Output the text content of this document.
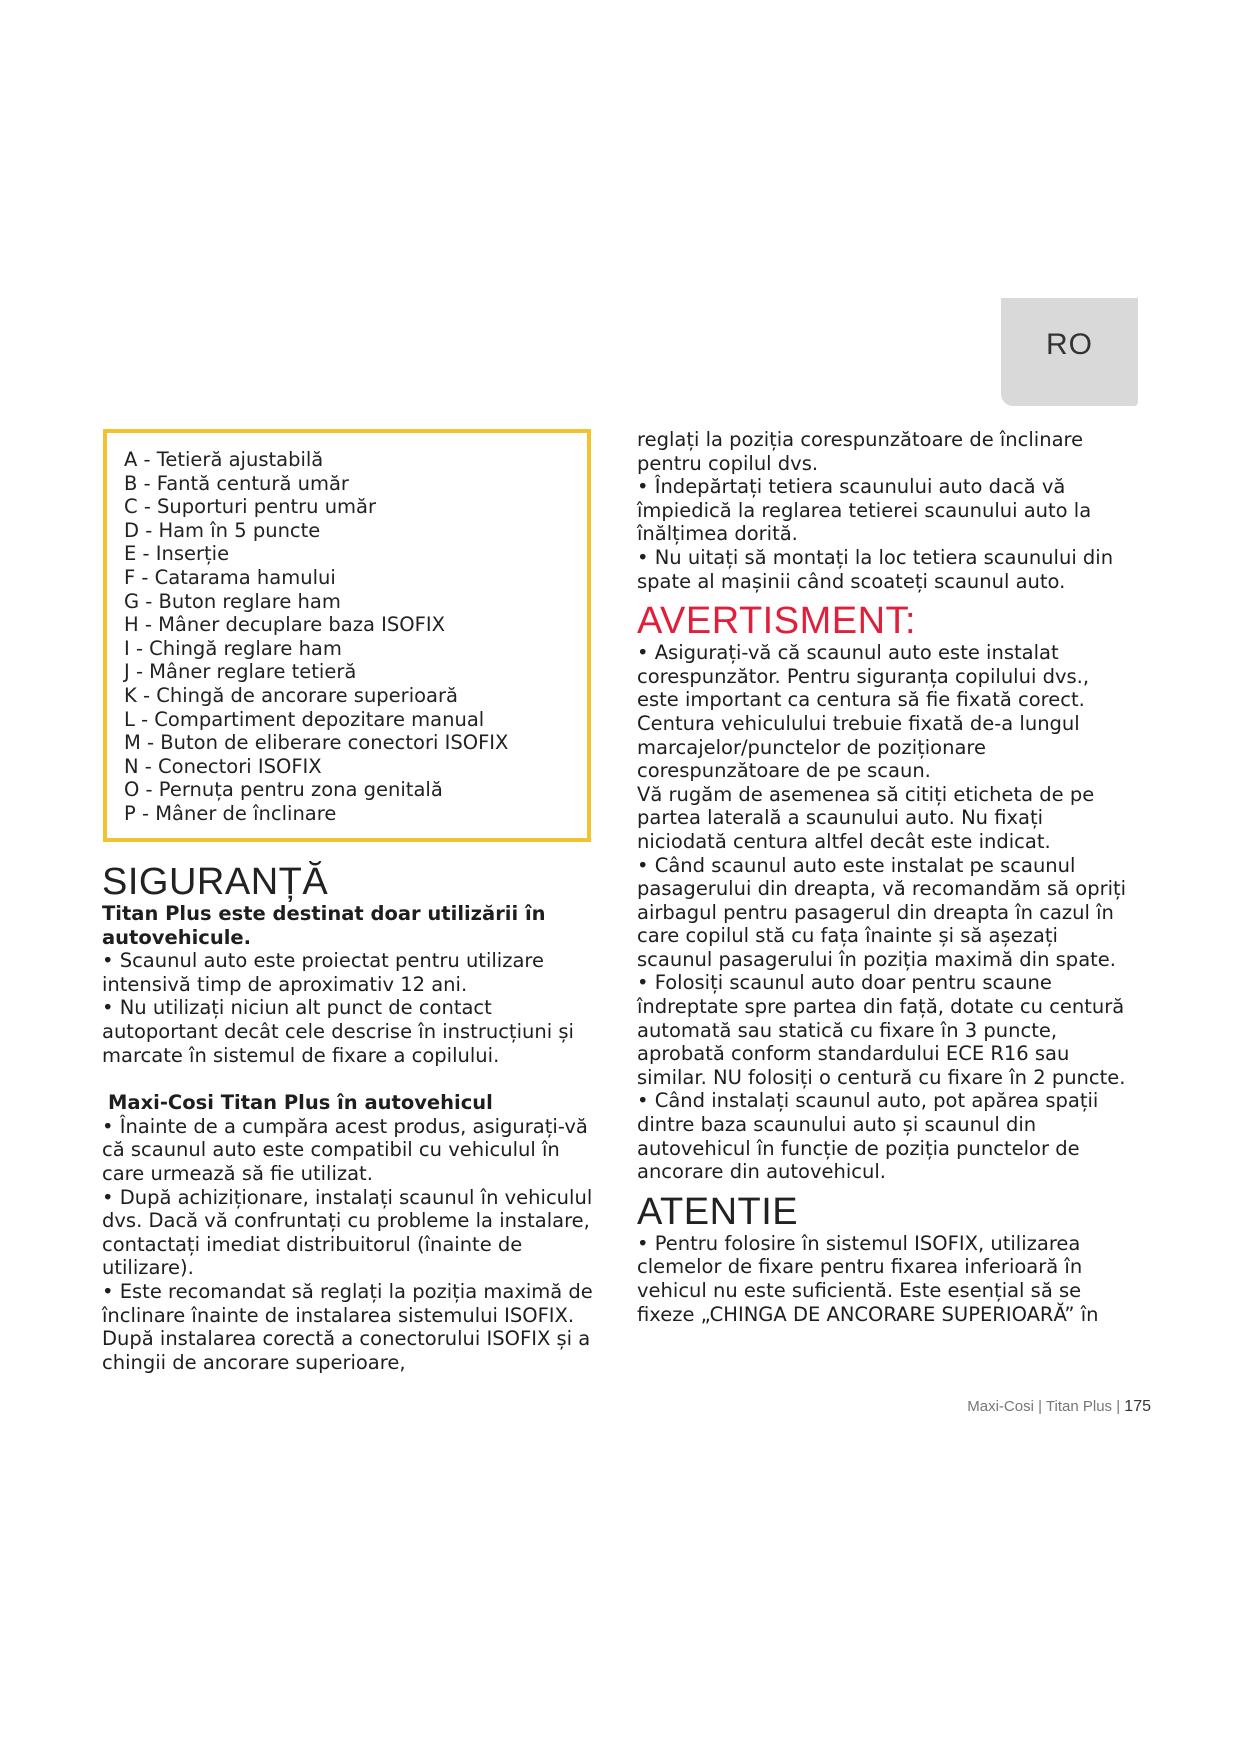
RO
A - Tetieră ajustabilă
B - Fantă centură umăr
C - Suporturi pentru umăr
D - Ham în 5 puncte
E - Inserție
F - Catarama hamului
G - Buton reglare ham
H - Mâner decuplare baza ISOFIX
I - Chingă reglare ham
J - Mâner reglare tetieră
K - Chingă de ancorare superioară
L - Compartiment depozitare manual
M - Buton de eliberare conectori ISOFIX
N - Conectori ISOFIX
O - Pernuța pentru zona genitală
P - Mâner de înclinare
SIGURANȚĂ

Titan Plus este destinat doar utilizării în autovehicule.

• Scaunul auto este proiectat pentru utilizare intensivă timp de aproximativ 12 ani.

• Nu utilizați niciun alt punct de contact autoportant decât cele descrise în instrucțiuni și marcate în sistemul de fixare a copilului.

Maxi-Cosi Titan Plus în autovehicul

• Înainte de a cumpăra acest produs, asigurați-vă că scaunul auto este compatibil cu vehiculul în care urmează să fie utilizat.

• După achiziționare, instalați scaunul în vehiculul dvs. Dacă vă confruntați cu probleme la instalare, contactați imediat distribuitorul (înainte de utilizare).

• Este recomandat să reglați la poziția maximă de înclinare înainte de instalarea sistemului ISOFIX. După instalarea corectă a conectorului ISOFIX și a chingii de ancorare superioare,

reglați la poziția corespunzătoare de înclinare pentru copilul dvs.

• Îndepărtați tetiera scaunului auto dacă vă împiedică la reglarea tetierei scaunului auto la înălțimea dorită.

• Nu uitați să montați la loc tetiera scaunului din spate al mașinii când scoateți scaunul auto.

AVERTISMENT:

• Asigurați-vă că scaunul auto este instalat corespunzător. Pentru siguranța copilului dvs., este important ca centura să fie fixată corect. Centura vehiculului trebuie fixată de-a lungul marcajelor/punctelor de poziționare corespunzătoare de pe scaun.

Vă rugăm de asemenea să citiți eticheta de pe partea laterală a scaunului auto. Nu fixați niciodată centura altfel decât este indicat.

• Când scaunul auto este instalat pe scaunul pasagerului din dreapta, vă recomandăm să opriți airbagul pentru pasagerul din dreapta în cazul în care copilul stă cu fața înainte și să așezați scaunul pasagerului în poziția maximă din spate.

• Folosiți scaunul auto doar pentru scaune îndreptate spre partea din față, dotate cu centură automată sau statică cu fixare în 3 puncte, aprobată conform standardului ECE R16 sau similar. NU folosiți o centură cu fixare în 2 puncte.

• Când instalați scaunul auto, pot apărea spații dintre baza scaunului auto și scaunul din autovehicul în funcție de poziția punctelor de ancorare din autovehicul.

ATENTIE

• Pentru folosire în sistemul ISOFIX, utilizarea clemelor de fixare pentru fixarea inferioară în vehicul nu este suficientă. Este esențial să se fixeze „CHINGA DE ANCORARE SUPERIOARĂ” în

Maxi-Cosi | Titan Plus | 175
